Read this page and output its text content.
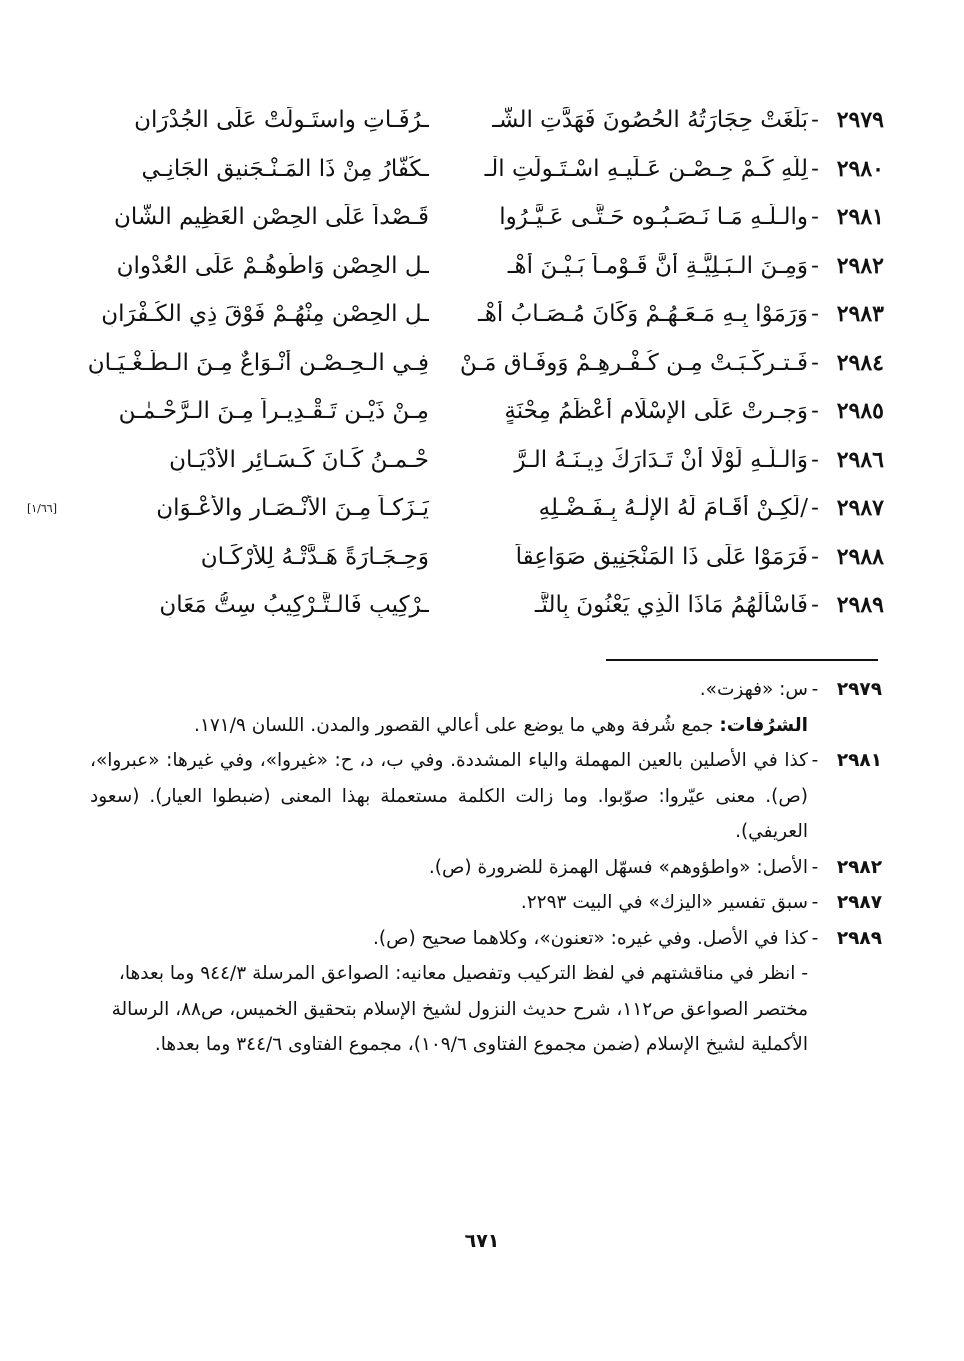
٢٩٧٩
-
بَلَغَتْ حِجَارَتُهُ الحُصُونَ فَهَدَّتِ الشُّـ
ـرُفَـاتِ واستَـولَتْ عَلَى الجُدْرَانِ
٢٩٨٠
-
لِلّهِ كَـمْ حِـصْـنٍ عَـلَيـهِ اسْـتَـولَتِ الْـ
ـكُفَّارُ مِنْ ذَا المَـنْـجَنيقِ الجَانِـي
٢٩٨١
-
والـلّـهِ مَـا نَـصَـبُـوه حَـتَّـى عَـيَّـرُوا
قَـصْداً عَلَى الحِصْنِ العَظِيمِ الشَّانِ
٢٩٨٢
-
وَمِـنَ الـبَـلِيَّـةِ أَنَّ قَـوْمـاً بَـيْـنَ أهْـ
ـلِ الحِصْنِ وَاطُوهُـمْ عَلَى العُدْوانِ
٢٩٨٣
-
وَرَمَوْا بِـهِ مَـعَـهُـمْ وَكَانَ مُـصَـابُ أهْـ
ـلِ الحِصْنِ مِنْهُـمْ فَوْقَ ذِي الكُـفْرَانِ
٢٩٨٤
-
فَـتـركَّـبَـتْ مِـن كُـفْـرِهِـمْ وَوِفَـاقِ مَـنْ
فِـي الـحِـصْـنِ أَنْـوَاعٌ مِـنَ الـطُّـغْـيَـانِ
٢٩٨٥
-
وَجـرتْ عَلَى الإِسْلَامِ أَعْظَمُ مِحْنَةٍ
مِـنْ ذَيْـنِ تَـقْـدِيـراً مِـنَ الـرَّحْـمٰـنِ
٢٩٨٦
-
وَالـلّـهِ لَوْلَا أَنْ تَـدَارَكَ دِيـنَـهُ الـرَّ
حْـمـنُ كَـانَ كَـسَـائِرِ الأَدْيَـانِ
٢٩٨٧
-
/لَكِـنْ أَقَـامَ لَهُ الإِلٰـهُ بِـفَـضْـلِهِ
يَـزَكـاً مِـنَ الأَنْـصَـارِ والأَعْـوَانِ
[١/٦٦]
٢٩٨٨
-
فَرَمَوْا عَلَى ذَا المَنْجَنِيقِ صَوَاعِقاً
وَحِـجَـارَةً هَـدَّتْـهُ لِلأَرْكَـانِ
٢٩٨٩
-
فَاسْأَلْهُمُ مَاذَا الَّذِي يَعْنُونَ بِالتَّـ
ـرْكِيبِ فَالـتَّـرْكِيبُ سِتُّ مَعَانِ
٢٩٧٩
-
س: «فهزت».
الشرُفات: جمع شُرفة وهي ما يوضع على أعالي القصور والمدن. اللسان ١٧١/٩.
٢٩٨١
-
كذا في الأصلين بالعين المهملة والياء المشددة. وفي ب، د، ح: «غيروا»، وفي غيرها: «عبروا»، (ص). معنى عيّروا: صوّبوا. وما زالت الكلمة مستعملة بهذا المعنى (ضبطوا العيار). (سعود العريفي).
٢٩٨٢
-
الأصل: «واطؤوهم» فسهّل الهمزة للضرورة (ص).
٢٩٨٧
-
سبق تفسير «اليزك» في البيت ٢٢٩٣.
٢٩٨٩
-
كذا في الأصل. وفي غيره: «تعنون»، وكلاهما صحيح (ص).
- انظر في مناقشتهم في لفظ التركيب وتفصيل معانيه: الصواعق المرسلة ٩٤٤/٣ وما بعدها، مختصر الصواعق ص١١٢، شرح حديث النزول لشيخ الإسلام بتحقيق الخميس، ص٨٨، الرسالة الأكملية لشيخ الإسلام (ضمن مجموع الفتاوى ١٠٩/٦)، مجموع الفتاوى ٣٤٤/٦ وما بعدها.
٦٧١
